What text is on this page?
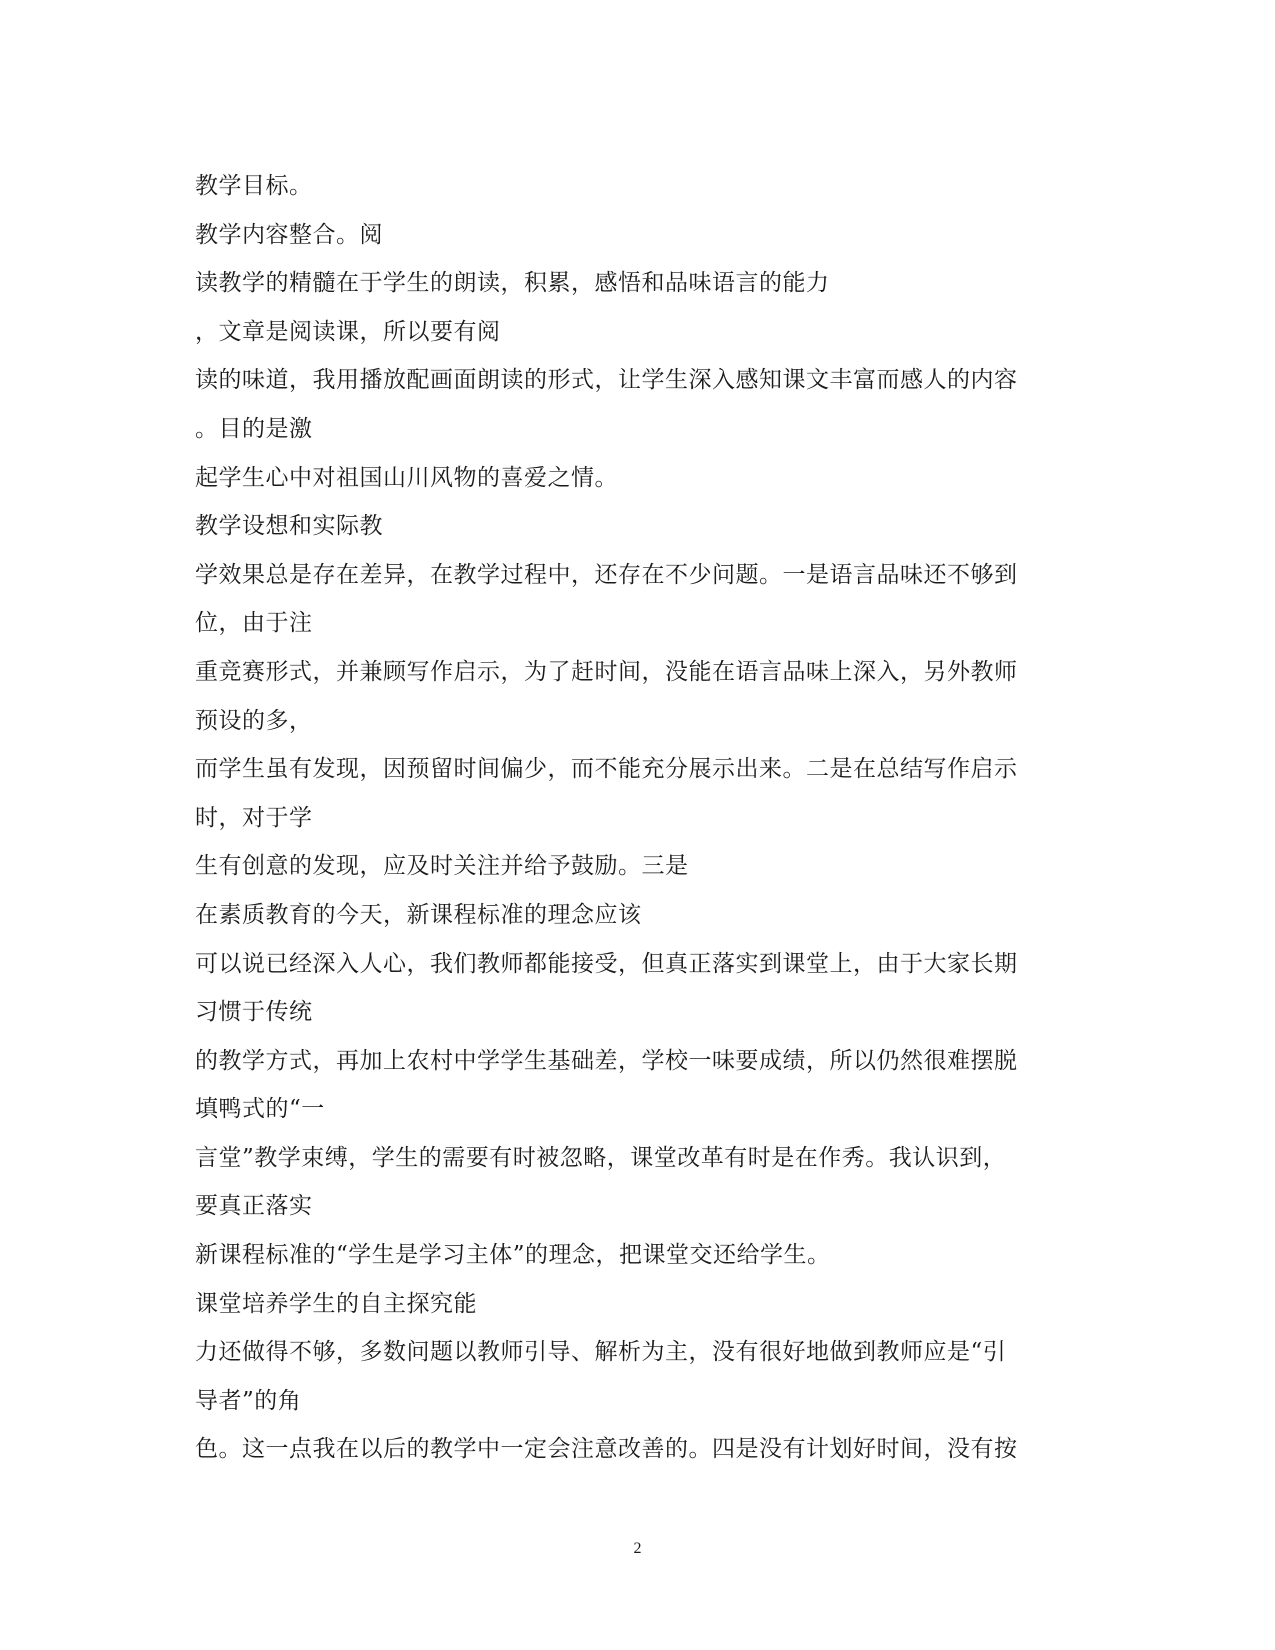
教学目标。
教学内容整合。阅
读教学的精髓在于学生的朗读，积累，感悟和品味语言的能力
，文章是阅读课，所以要有阅
读的味道，我用播放配画面朗读的形式，让学生深入感知课文丰富而感人的内容
。目的是激
起学生心中对祖国山川风物的喜爱之情。
教学设想和实际教
学效果总是存在差异，在教学过程中，还存在不少问题。一是语言品味还不够到
位，由于注
重竞赛形式，并兼顾写作启示，为了赶时间，没能在语言品味上深入，另外教师
预设的多，
而学生虽有发现，因预留时间偏少，而不能充分展示出来。二是在总结写作启示
时，对于学
生有创意的发现，应及时关注并给予鼓励。三是
在素质教育的今天，新课程标准的理念应该
可以说已经深入人心，我们教师都能接受，但真正落实到课堂上，由于大家长期
习惯于传统
的教学方式，再加上农村中学学生基础差，学校一味要成绩，所以仍然很难摆脱
填鸭式的“一
言堂”教学束缚，学生的需要有时被忽略，课堂改革有时是在作秀。我认识到，
要真正落实
新课程标准的“学生是学习主体”的理念，把课堂交还给学生。
课堂培养学生的自主探究能
力还做得不够，多数问题以教师引导、解析为主，没有很好地做到教师应是“引
导者”的角
色。这一点我在以后的教学中一定会注意改善的。四是没有计划好时间，没有按
2
